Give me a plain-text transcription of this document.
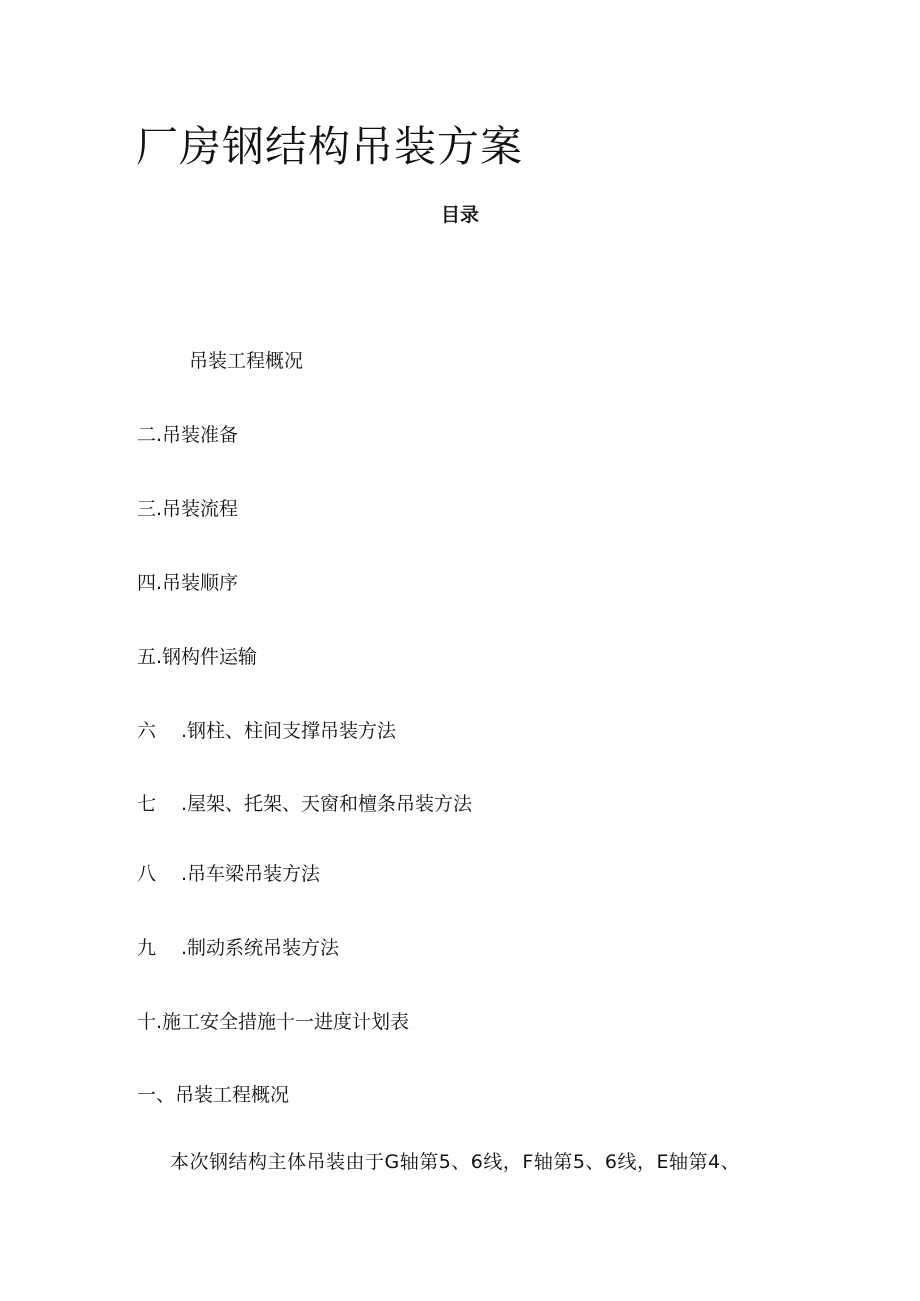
厂房钢结构吊装方案
目录
吊装工程概况
二. 吊装准备
三. 吊装流程
四. 吊装顺序
五. 钢构件运输
六	.钢柱、柱间支撑吊装方法
七	.屋架、托架、天窗和檀条吊装方法
八	.吊车梁吊装方法
九	.制动系统吊装方法
十. 施工安全措施十一进度计划表
一、吊装工程概况
本次钢结构主体吊装由于G轴第5、6线，F轴第5、6线，E轴第4、
